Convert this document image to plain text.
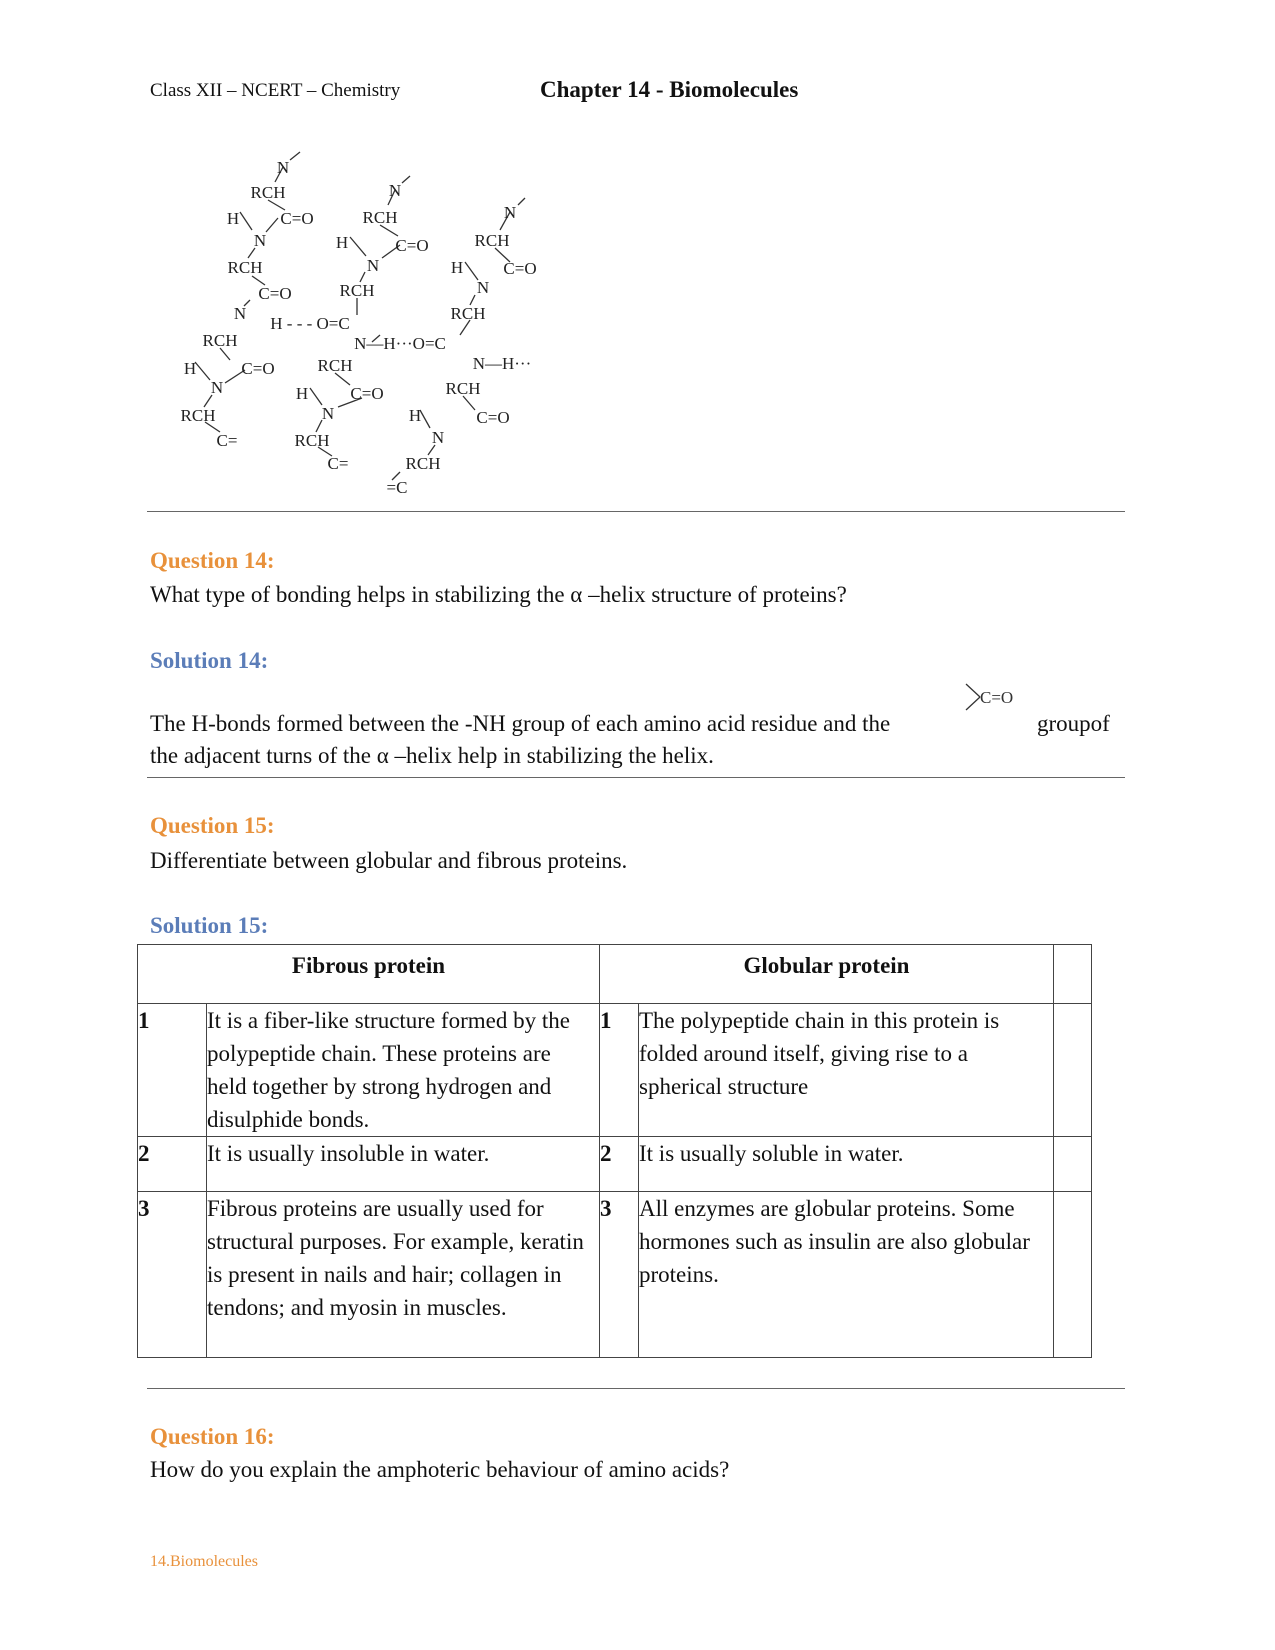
Class XII – NCERT – Chemistry	Chapter 14 - Biomolecules
N
RCH
H C=O
N
RCH
C=O
N
H - - - O=C
RCH
N
RCH
H	C=O
N
N
RCH
C=O
H
N
RCH
N—H···O=C
N—H···
RCH
H	C=O
N
RCH
RCH
C=
H C=O
N
RCH
C=
H
N
RCH
RCH
C=O
=C
Question 14:
What type of bonding helps in stabilizing the α –helix structure of proteins?
Solution 14:
The H-bonds formed between the -NH group of each amino acid residue and the
C=O
groupof
the adjacent turns of the α –helix help in stabilizing the helix.
Question 15:
Differentiate between globular and fibrous proteins.
Solution 15:
Fibrous protein		Globular protein		
1	It is a fiber-like structure formed by the polypeptide chain. These proteins are held together by strong hydrogen and disulphide bonds.	1	The polypeptide chain in this protein is folded around itself, giving rise to a spherical structure	
2	It is usually insoluble in water.	2	It is usually soluble in water.	
3	Fibrous proteins are usually used for structural purposes. For example, keratin is present in nails and hair; collagen in tendons; and myosin in muscles.	3	All enzymes are globular proteins. Some hormones such as insulin are also globular proteins.	
Question 16:
How do you explain the amphoteric behaviour of amino acids?
14.Biomolecules
